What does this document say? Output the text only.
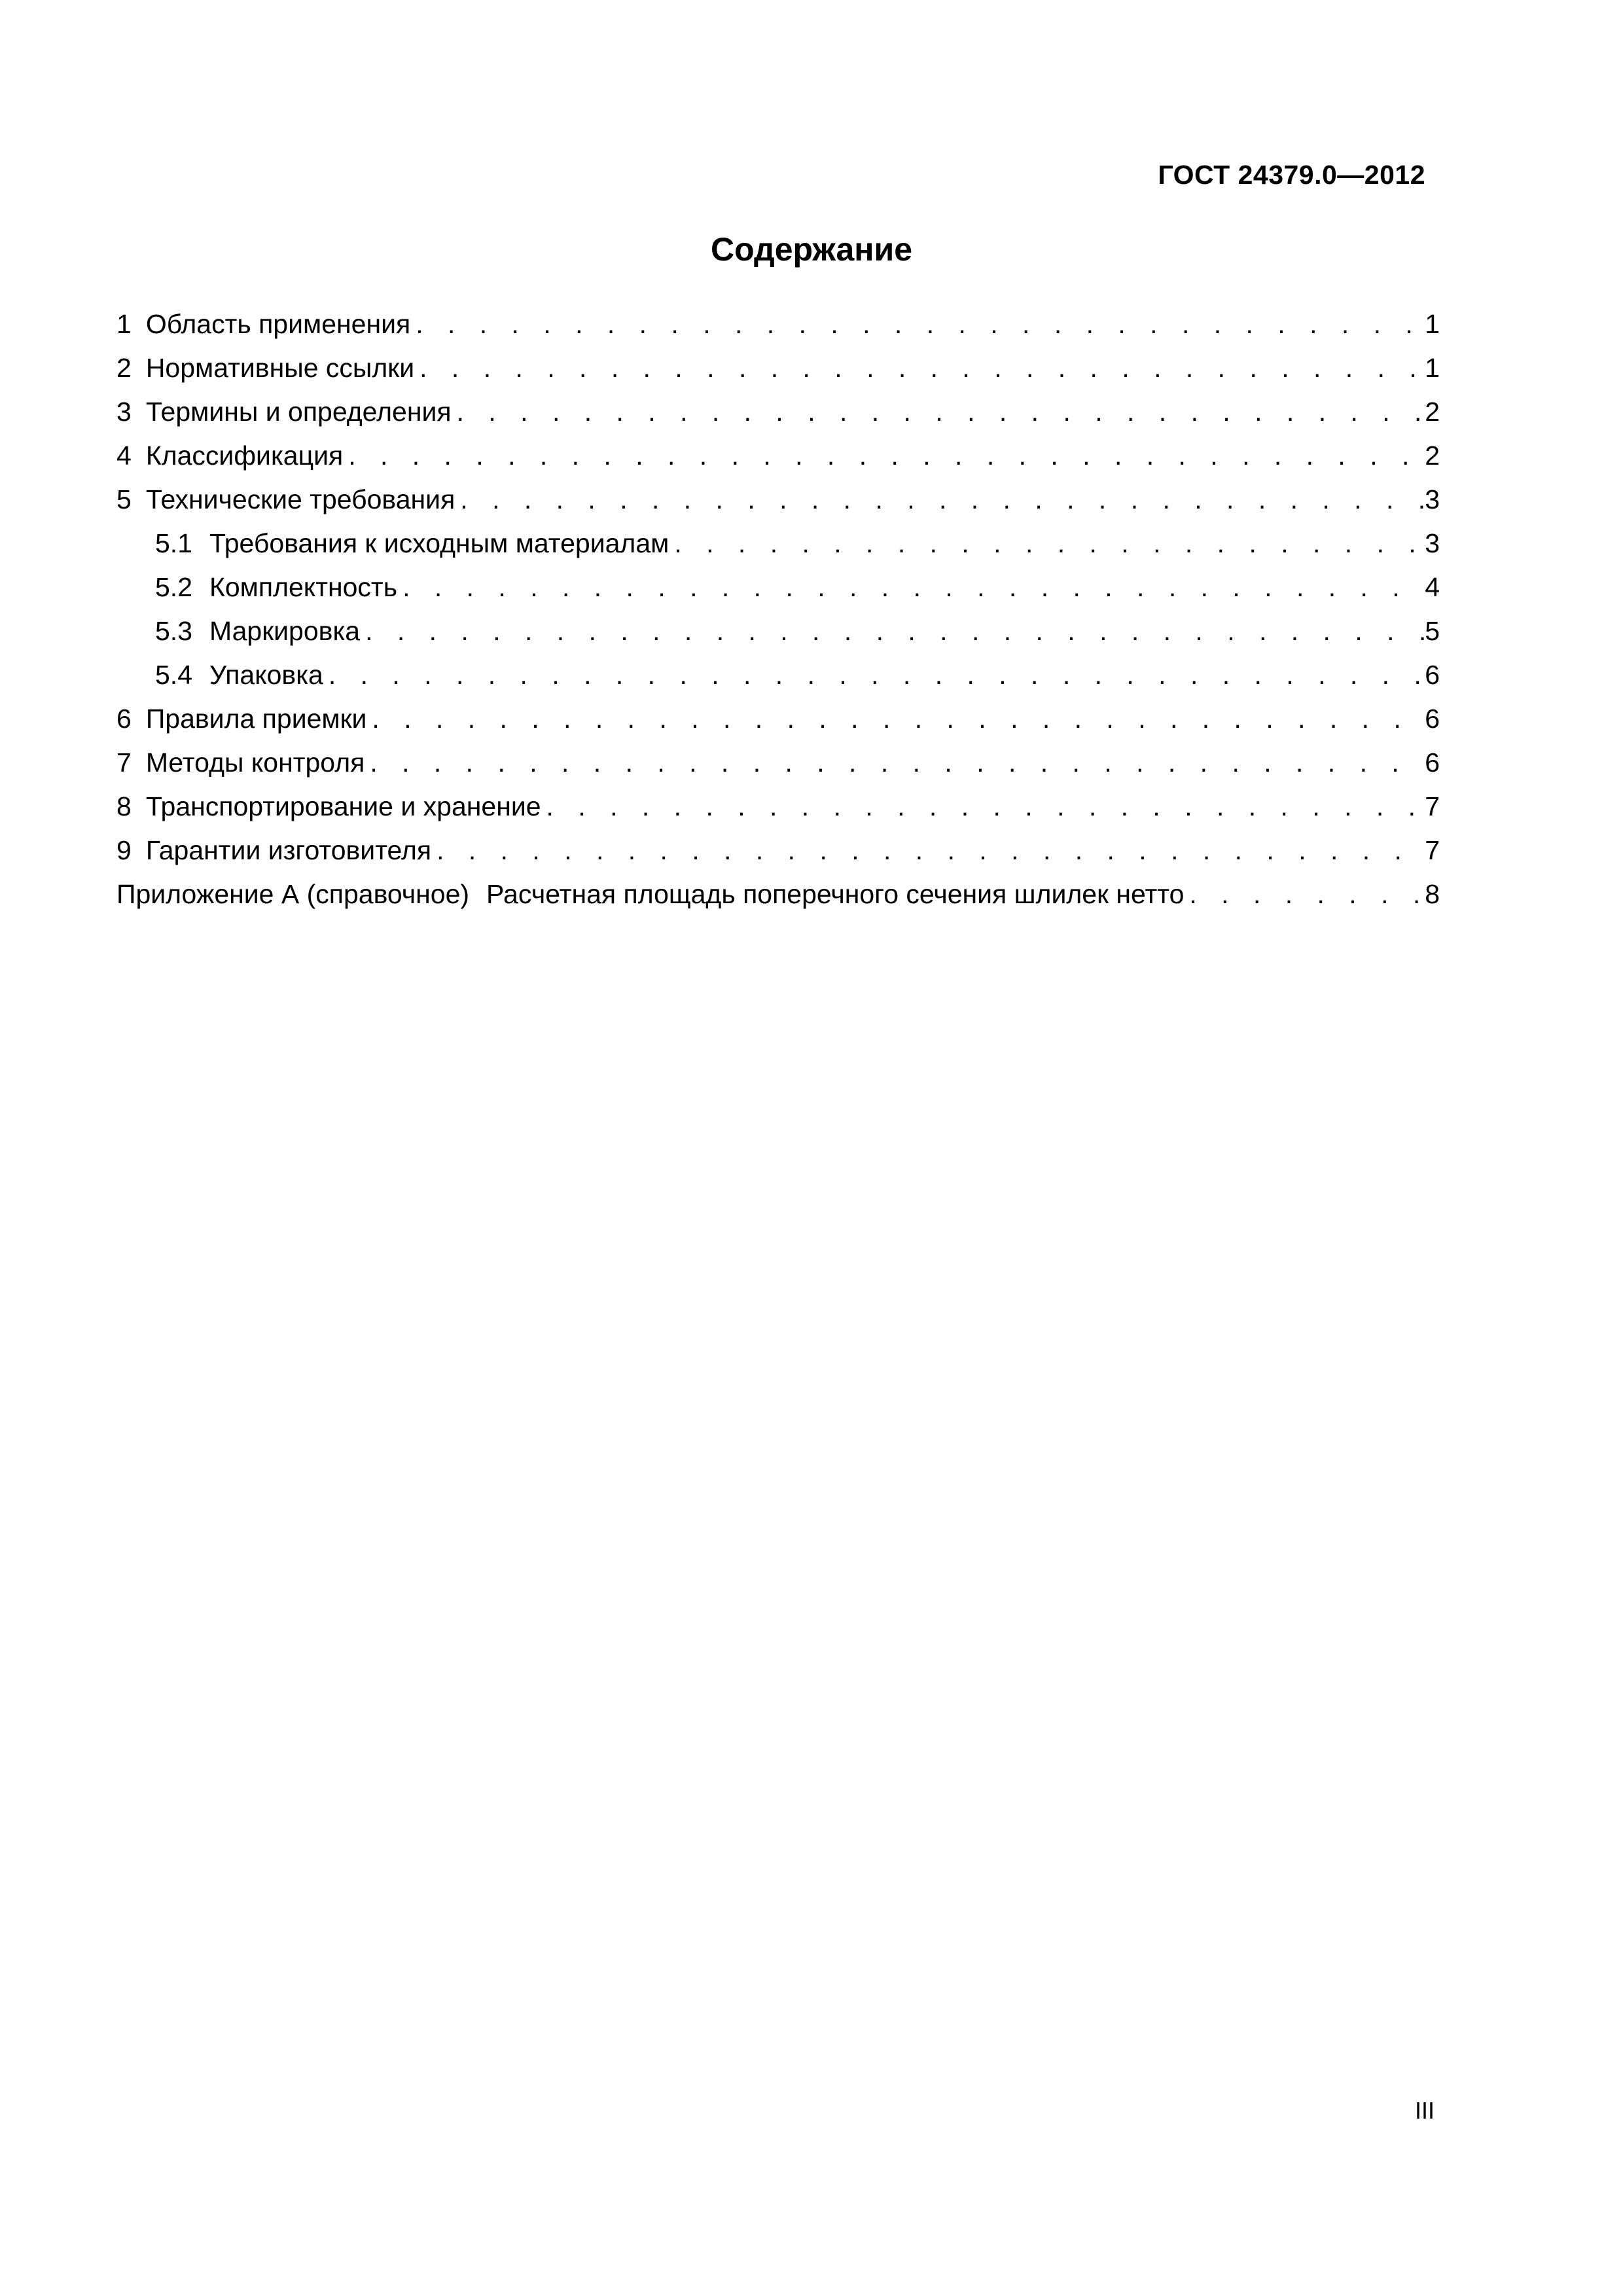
ГОСТ 24379.0—2012
Содержание
1 Область применения . . .	1
2 Нормативные ссылки . . .	1
3 Термины и определения . . .	2
4 Классификация . . .	2
5 Технические требования . . .	3
5.1 Требования к исходным материалам . . .	3
5.2 Комплектность . . .	4
5.3 Маркировка . . .	5
5.4 Упаковка . . .	6
6 Правила приемки . . .	6
7 Методы контроля . . .	6
8 Транспортирование и хранение . . .	7
9 Гарантии изготовителя . . .	7
Приложение А (справочное) Расчетная площадь поперечного сечения шлилек нетто . . .	8
III
